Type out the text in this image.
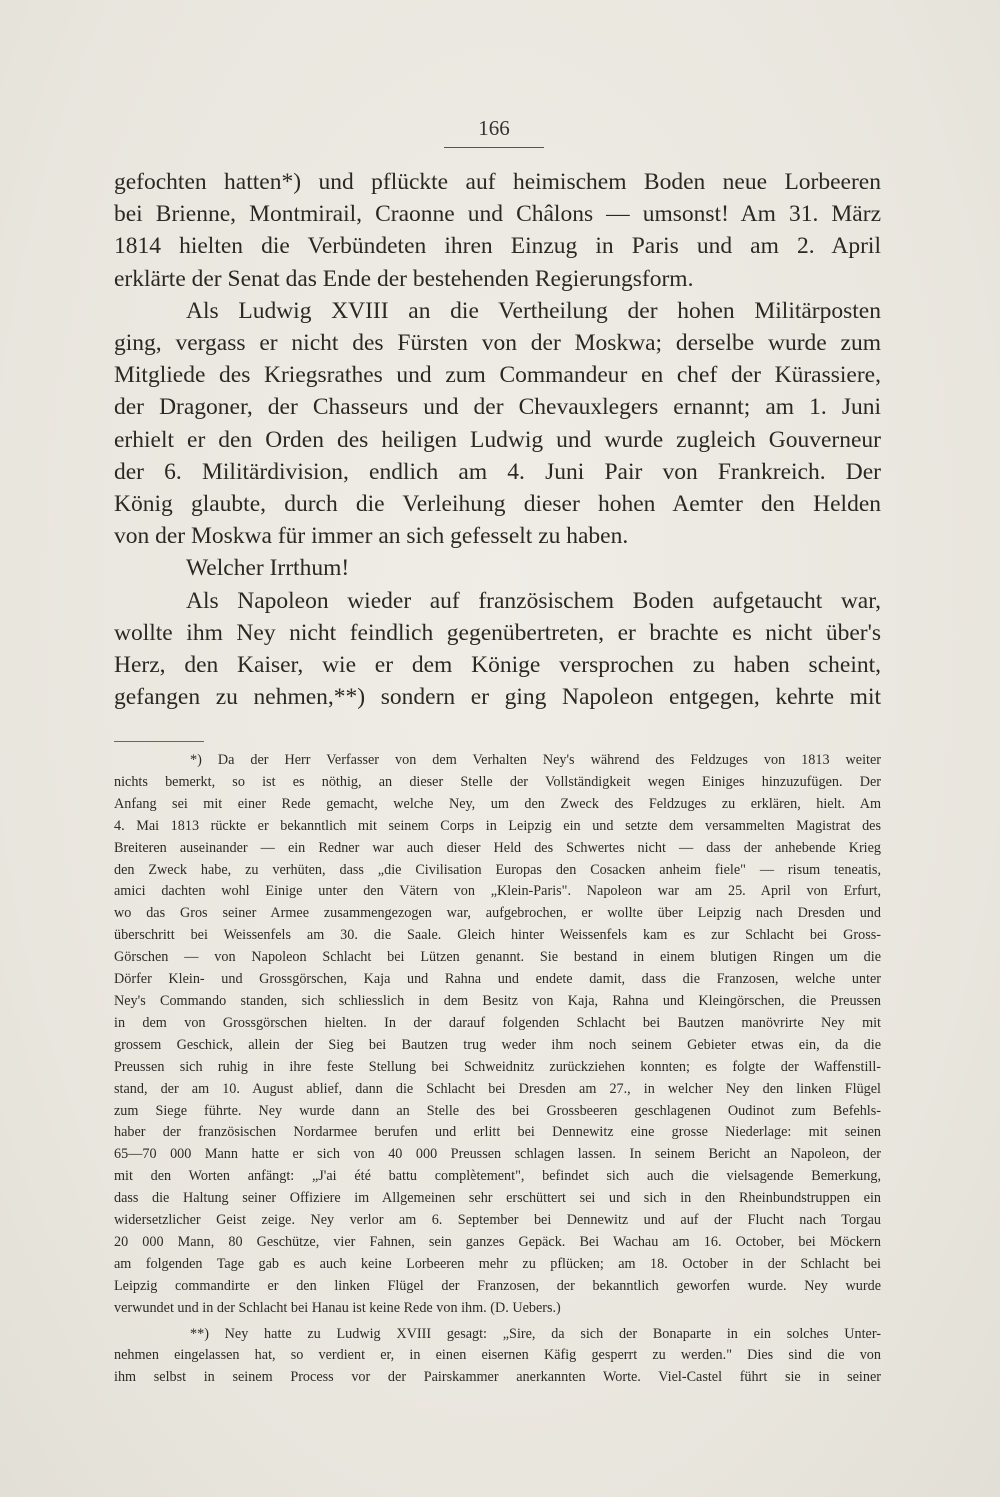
166
gefochten hatten*) und pflückte auf heimischem Boden neue Lorbeeren
bei Brienne, Montmirail, Craonne und Châlons — umsonst! Am 31. März
1814 hielten die Verbündeten ihren Einzug in Paris und am 2. April
erklärte der Senat das Ende der bestehenden Regierungsform.
Als Ludwig XVIII an die Vertheilung der hohen Militärposten
ging, vergass er nicht des Fürsten von der Moskwa; derselbe wurde zum
Mitgliede des Kriegsrathes und zum Commandeur en chef der Kürassiere,
der Dragoner, der Chasseurs und der Chevauxlegers ernannt; am 1. Juni
erhielt er den Orden des heiligen Ludwig und wurde zugleich Gouverneur
der 6. Militärdivision, endlich am 4. Juni Pair von Frankreich. Der
König glaubte, durch die Verleihung dieser hohen Aemter den Helden
von der Moskwa für immer an sich gefesselt zu haben.
Welcher Irrthum!
Als Napoleon wieder auf französischem Boden aufgetaucht war,
wollte ihm Ney nicht feindlich gegenübertreten, er brachte es nicht über's
Herz, den Kaiser, wie er dem Könige versprochen zu haben scheint,
gefangen zu nehmen,**) sondern er ging Napoleon entgegen, kehrte mit
*) Da der Herr Verfasser von dem Verhalten Ney's während des Feldzuges von 1813 weiter
nichts bemerkt, so ist es nöthig, an dieser Stelle der Vollständigkeit wegen Einiges hinzuzufügen. Der
Anfang sei mit einer Rede gemacht, welche Ney, um den Zweck des Feldzuges zu erklären, hielt. Am
4. Mai 1813 rückte er bekanntlich mit seinem Corps in Leipzig ein und setzte dem versammelten Magistrat des
Breiteren auseinander — ein Redner war auch dieser Held des Schwertes nicht — dass der anhebende Krieg
den Zweck habe, zu verhüten, dass „die Civilisation Europas den Cosacken anheim fiele" — risum teneatis,
amici dachten wohl Einige unter den Vätern von „Klein-Paris". Napoleon war am 25. April von Erfurt,
wo das Gros seiner Armee zusammengezogen war, aufgebrochen, er wollte über Leipzig nach Dresden und
überschritt bei Weissenfels am 30. die Saale. Gleich hinter Weissenfels kam es zur Schlacht bei Gross-
Görschen — von Napoleon Schlacht bei Lützen genannt. Sie bestand in einem blutigen Ringen um die
Dörfer Klein- und Grossgörschen, Kaja und Rahna und endete damit, dass die Franzosen, welche unter
Ney's Commando standen, sich schliesslich in dem Besitz von Kaja, Rahna und Kleingörschen, die Preussen
in dem von Grossgörschen hielten. In der darauf folgenden Schlacht bei Bautzen manövrirte Ney mit
grossem Geschick, allein der Sieg bei Bautzen trug weder ihm noch seinem Gebieter etwas ein, da die
Preussen sich ruhig in ihre feste Stellung bei Schweidnitz zurückziehen konnten; es folgte der Waffenstill-
stand, der am 10. August ablief, dann die Schlacht bei Dresden am 27., in welcher Ney den linken Flügel
zum Siege führte. Ney wurde dann an Stelle des bei Grossbeeren geschlagenen Oudinot zum Befehls-
haber der französischen Nordarmee berufen und erlitt bei Dennewitz eine grosse Niederlage: mit seinen
65—70 000 Mann hatte er sich von 40 000 Preussen schlagen lassen. In seinem Bericht an Napoleon, der
mit den Worten anfängt: „J'ai été battu complètement", befindet sich auch die vielsagende Bemerkung,
dass die Haltung seiner Offiziere im Allgemeinen sehr erschüttert sei und sich in den Rheinbundstruppen ein
widersetzlicher Geist zeige. Ney verlor am 6. September bei Dennewitz und auf der Flucht nach Torgau
20 000 Mann, 80 Geschütze, vier Fahnen, sein ganzes Gepäck. Bei Wachau am 16. October, bei Möckern
am folgenden Tage gab es auch keine Lorbeeren mehr zu pflücken; am 18. October in der Schlacht bei
Leipzig commandirte er den linken Flügel der Franzosen, der bekanntlich geworfen wurde. Ney wurde
verwundet und in der Schlacht bei Hanau ist keine Rede von ihm. (D. Uebers.)
**) Ney hatte zu Ludwig XVIII gesagt: „Sire, da sich der Bonaparte in ein solches Unter-
nehmen eingelassen hat, so verdient er, in einen eisernen Käfig gesperrt zu werden." Dies sind die von
ihm selbst in seinem Process vor der Pairskammer anerkannten Worte. Viel-Castel führt sie in seiner
